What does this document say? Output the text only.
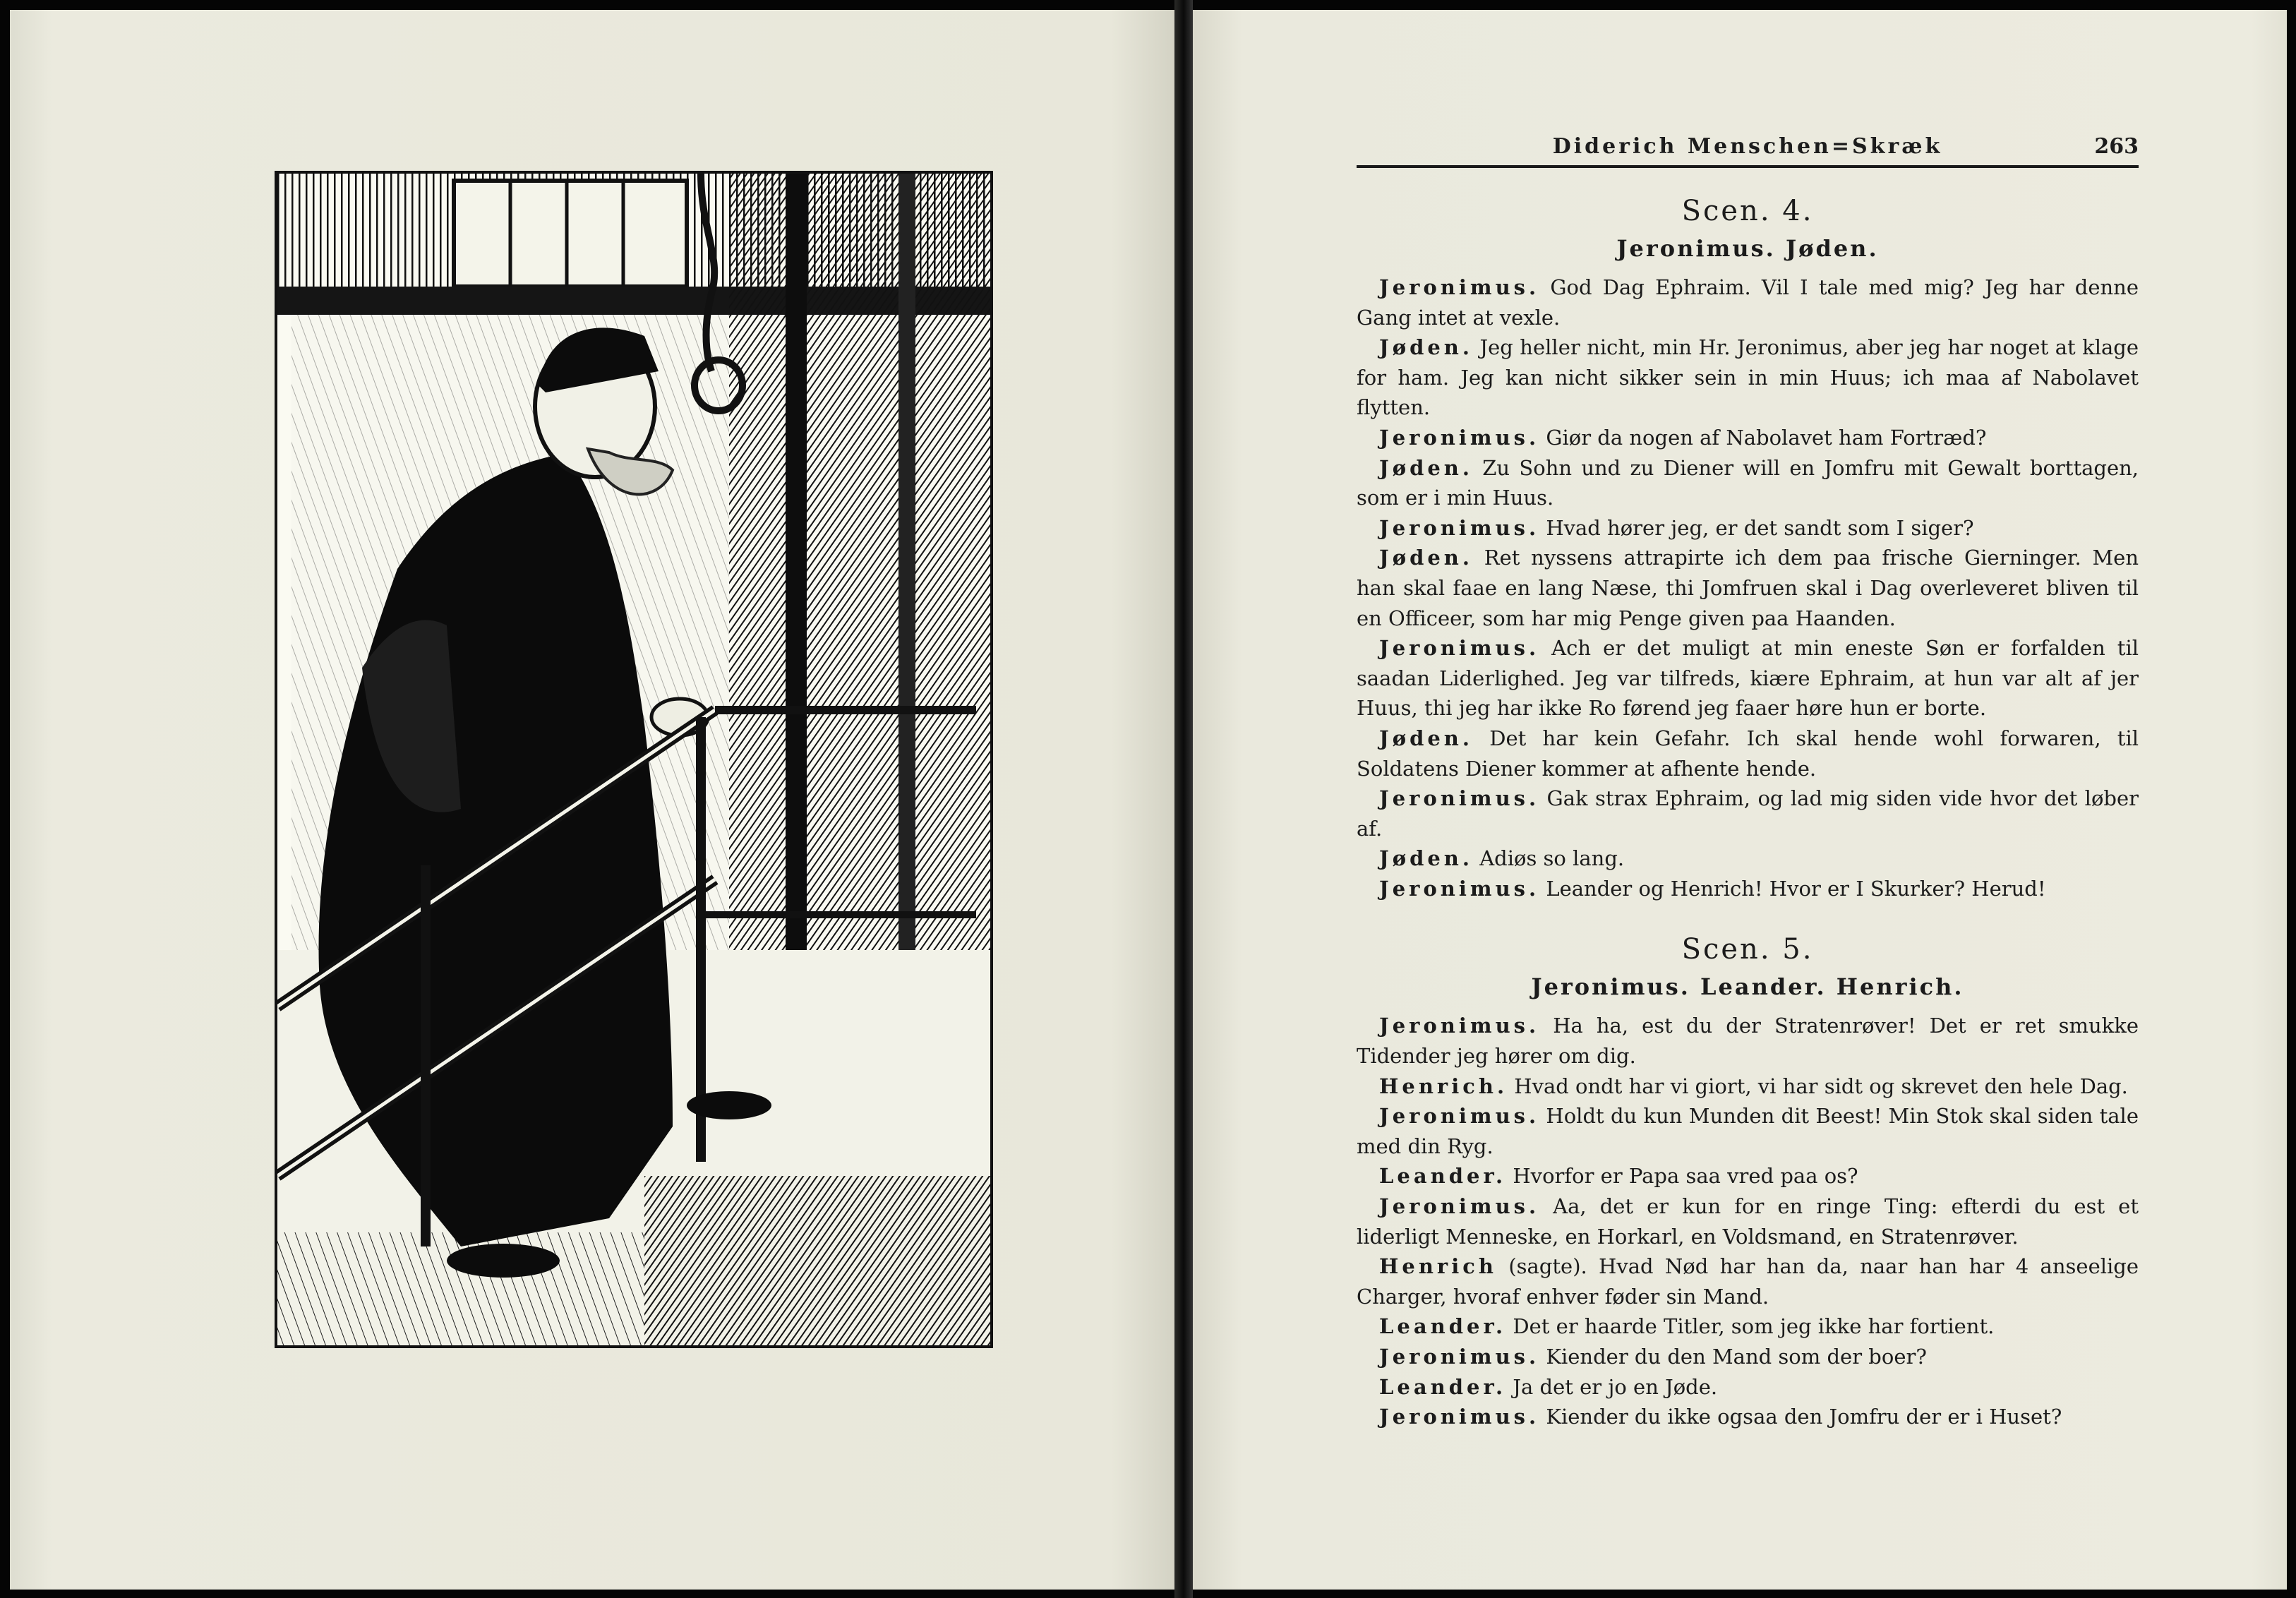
Diderich Menschen=Skræk	263
Scen. 4.
Jeronimus. Jøden.

Jeronimus. God Dag Ephraim. Vil I tale med mig? Jeg har denne Gang intet at vexle.

Jøden. Jeg heller nicht, min Hr. Jeronimus, aber jeg har noget at klage for ham. Jeg kan nicht sikker sein in min Huus; ich maa af Nabolavet flytten.

Jeronimus. Giør da nogen af Nabolavet ham Fortræd?

Jøden. Zu Sohn und zu Diener will en Jomfru mit Gewalt borttagen, som er i min Huus.

Jeronimus. Hvad hører jeg, er det sandt som I siger?

Jøden. Ret nyssens attrapirte ich dem paa frische Gierninger. Men han skal faae en lang Næse, thi Jomfruen skal i Dag overleveret bliven til en Officeer, som har mig Penge given paa Haanden.

Jeronimus. Ach er det muligt at min eneste Søn er forfalden til saadan Liderlighed. Jeg var tilfreds, kiære Ephraim, at hun var alt af jer Huus, thi jeg har ikke Ro førend jeg faaer høre hun er borte.

Jøden. Det har kein Gefahr. Ich skal hende wohl forwaren, til Soldatens Diener kommer at afhente hende.

Jeronimus. Gak strax Ephraim, og lad mig siden vide hvor det løber af.

Jøden. Adiøs so lang.

Jeronimus. Leander og Henrich! Hvor er I Skurker? Herud!

Scen. 5.
Jeronimus. Leander. Henrich.

Jeronimus. Ha ha, est du der Stratenrøver! Det er ret smukke Tidender jeg hører om dig.

Henrich. Hvad ondt har vi giort, vi har sidt og skrevet den hele Dag.

Jeronimus. Holdt du kun Munden dit Beest! Min Stok skal siden tale med din Ryg.

Leander. Hvorfor er Papa saa vred paa os?

Jeronimus. Aa, det er kun for en ringe Ting: efterdi du est et liderligt Menneske, en Horkarl, en Voldsmand, en Stratenrøver.

Henrich (sagte). Hvad Nød har han da, naar han har 4 anseelige Charger, hvoraf enhver føder sin Mand.

Leander. Det er haarde Titler, som jeg ikke har fortient.

Jeronimus. Kiender du den Mand som der boer?

Leander. Ja det er jo en Jøde.

Jeronimus. Kiender du ikke ogsaa den Jomfru der er i Huset?
